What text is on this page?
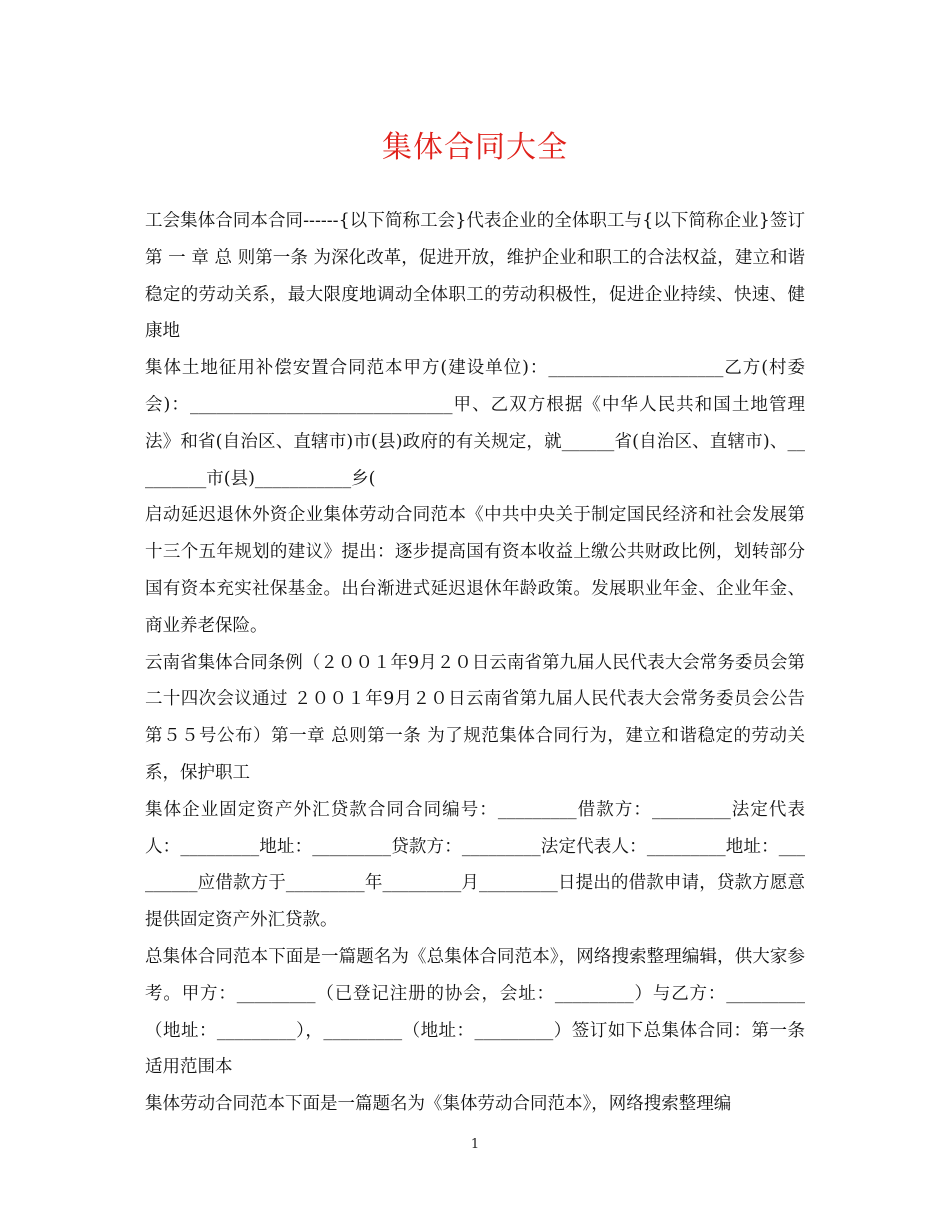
集体合同大全

工会集体合同本合同------{以下简称工会}代表企业的全体职工与{以下简称企业}签订第 一 章 总 则第一条 为深化改革，促进开放，维护企业和职工的合法权益，建立和谐稳定的劳动关系，最大限度地调动全体职工的劳动积极性，促进企业持续、快速、健康地

集体土地征用补偿安置合同范本甲方(建设单位)：____________________乙方(村委会)：______________________________甲、乙双方根据《中华人民共和国土地管理法》和省(自治区、直辖市)市(县)政府的有关规定，就______省(自治区、直辖市)、_________市(县)___________乡(

启动延迟退休外资企业集体劳动合同范本《中共中央关于制定国民经济和社会发展第十三个五年规划的建议》提出：逐步提高国有资本收益上缴公共财政比例，划转部分国有资本充实社保基金。出台渐进式延迟退休年龄政策。发展职业年金、企业年金、商业养老保险。

云南省集体合同条例（２００１年9月２０日云南省第九届人民代表大会常务委员会第二十四次会议通过 ２００１年9月２０日云南省第九届人民代表大会常务委员会公告第５５号公布）第一章 总则第一条 为了规范集体合同行为，建立和谐稳定的劳动关系，保护职工

集体企业固定资产外汇贷款合同合同编号：_________借款方：_________法定代表人：_________地址：_________贷款方：_________法定代表人：_________地址：_________应借款方于_________年_________月_________日提出的借款申请，贷款方愿意提供固定资产外汇贷款。

总集体合同范本下面是一篇题名为《总集体合同范本》，网络搜索整理编辑，供大家参考。甲方：_________（已登记注册的协会，会址：_________）与乙方：_________（地址：_________），_________（地址：_________）签订如下总集体合同：第一条适用范围本

集体劳动合同范本下面是一篇题名为《集体劳动合同范本》，网络搜索整理编

1
